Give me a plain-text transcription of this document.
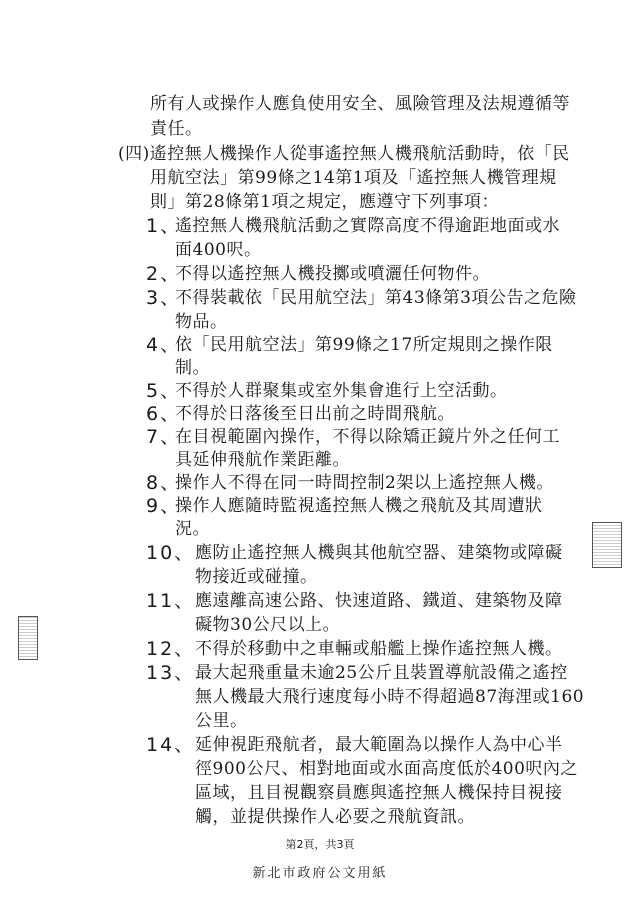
所有人或操作人應負使用安全、風險管理及法規遵循等
責任。
(四)遙控無人機操作人從事遙控無人機飛航活動時，依「民
用航空法」第99條之14第1項及「遙控無人機管理規
則」第28條第1項之規定，應遵守下列事項：
遙控無人機飛航活動之實際高度不得逾距地面或水
面400呎。
不得以遙控無人機投擲或噴灑任何物件。
不得裝載依「民用航空法」第43條第3項公告之危險
物品。
依「民用航空法」第99條之17所定規則之操作限
制。
不得於人群聚集或室外集會進行上空活動。
不得於日落後至日出前之時間飛航。
在目視範圍內操作，不得以除矯正鏡片外之任何工
具延伸飛航作業距離。
操作人不得在同一時間控制2架以上遙控無人機。
操作人應隨時監視遙控無人機之飛航及其周遭狀
況。
應防止遙控無人機與其他航空器、建築物或障礙
物接近或碰撞。
應遠離高速公路、快速道路、鐵道、建築物及障
礙物30公尺以上。
不得於移動中之車輛或船艦上操作遙控無人機。
最大起飛重量未逾25公斤且裝置導航設備之遙控
無人機最大飛行速度每小時不得超過87海浬或160
公里。
延伸視距飛航者，最大範圍為以操作人為中心半
徑900公尺、相對地面或水面高度低於400呎內之
區域，且目視觀察員應與遙控無人機保持目視接
觸，並提供操作人必要之飛航資訊。
1、
2、
3、
4、
5、
6、
7、
8、
9、
10、
11、
12、
13、
14、
第2頁，共3頁
新北市政府公文用紙
